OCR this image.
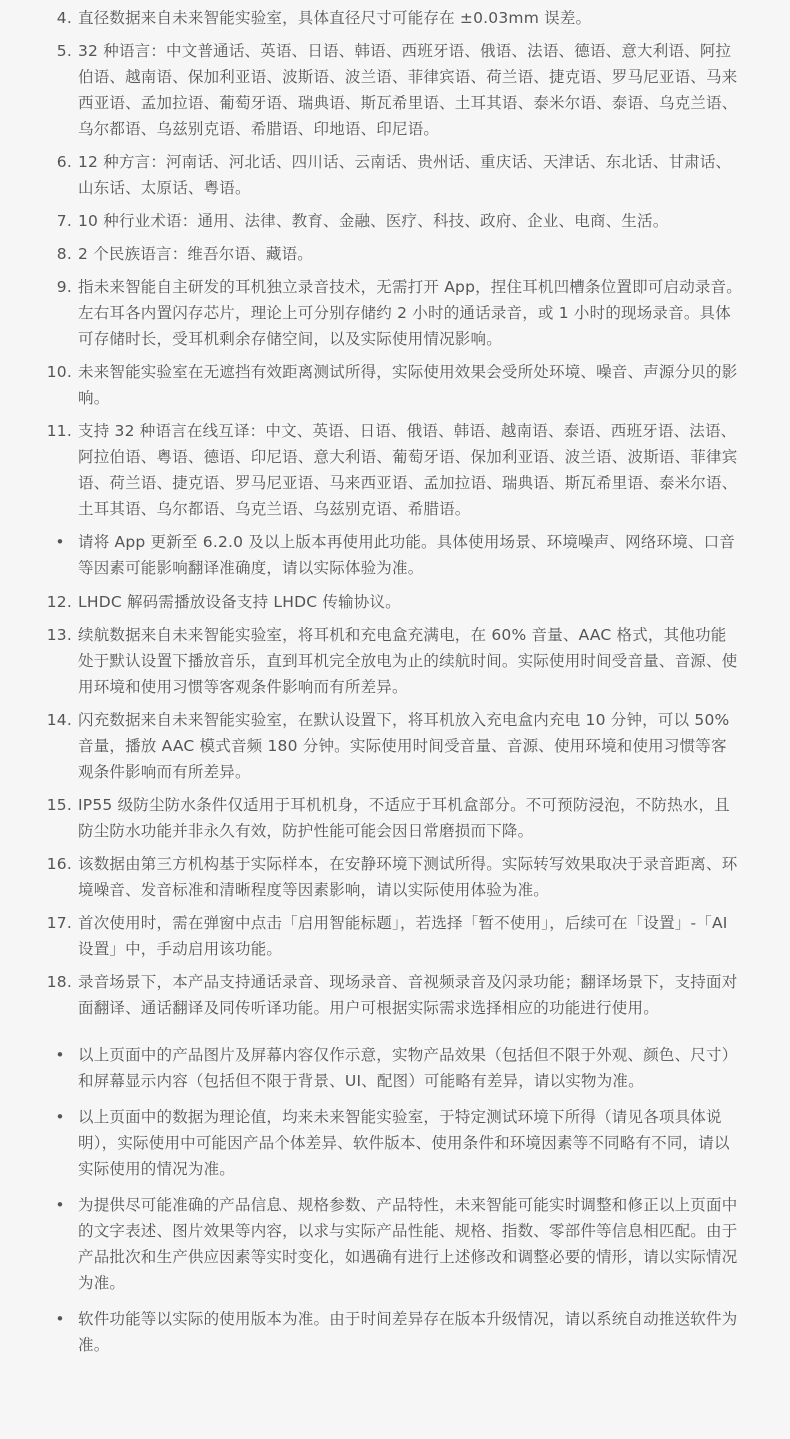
4. 直径数据来自未来智能实验室，具体直径尺寸可能存在 ±0.03mm 误差。
5. 32 种语言：中文普通话、英语、日语、韩语、西班牙语、俄语、法语、德语、意大利语、阿拉伯语、越南语、保加利亚语、波斯语、波兰语、菲律宾语、荷兰语、捷克语、罗马尼亚语、马来西亚语、孟加拉语、葡萄牙语、瑞典语、斯瓦希里语、土耳其语、泰米尔语、泰语、乌克兰语、乌尔都语、乌兹别克语、希腊语、印地语、印尼语。
6. 12 种方言：河南话、河北话、四川话、云南话、贵州话、重庆话、天津话、东北话、甘肃话、山东话、太原话、粤语。
7. 10 种行业术语：通用、法律、教育、金融、医疗、科技、政府、企业、电商、生活。
8. 2 个民族语言：维吾尔语、藏语。
9. 指未来智能自主研发的耳机独立录音技术，无需打开 App，捏住耳机凹槽条位置即可启动录音。左右耳各内置闪存芯片，理论上可分别存储约 2 小时的通话录音，或 1 小时的现场录音。具体可存储时长，受耳机剩余存储空间，以及实际使用情况影响。
10. 未来智能实验室在无遮挡有效距离测试所得，实际使用效果会受所处环境、噪音、声源分贝的影响。
11. 支持 32 种语言在线互译：中文、英语、日语、俄语、韩语、越南语、泰语、西班牙语、法语、阿拉伯语、粤语、德语、印尼语、意大利语、葡萄牙语、保加利亚语、波兰语、波斯语、菲律宾语、荷兰语、捷克语、罗马尼亚语、马来西亚语、孟加拉语、瑞典语、斯瓦希里语、泰米尔语、土耳其语、乌尔都语、乌克兰语、乌兹别克语、希腊语。
• 请将 App 更新至 6.2.0 及以上版本再使用此功能。具体使用场景、环境噪声、网络环境、口音等因素可能影响翻译准确度，请以实际体验为准。
12. LHDC 解码需播放设备支持 LHDC 传输协议。
13. 续航数据来自未来智能实验室，将耳机和充电盒充满电，在 60% 音量、AAC 格式，其他功能处于默认设置下播放音乐，直到耳机完全放电为止的续航时间。实际使用时间受音量、音源、使用环境和使用习惯等客观条件影响而有所差异。
14. 闪充数据来自未来智能实验室，在默认设置下，将耳机放入充电盒内充电 10 分钟，可以 50% 音量，播放 AAC 模式音频 180 分钟。实际使用时间受音量、音源、使用环境和使用习惯等客观条件影响而有所差异。
15. IP55 级防尘防水条件仅适用于耳机机身，不适应于耳机盒部分。不可预防浸泡，不防热水，且防尘防水功能并非永久有效，防护性能可能会因日常磨损而下降。
16. 该数据由第三方机构基于实际样本，在安静环境下测试所得。实际转写效果取决于录音距离、环境噪音、发音标准和清晰程度等因素影响，请以实际使用体验为准。
17. 首次使用时，需在弹窗中点击「启用智能标题」，若选择「暂不使用」，后续可在「设置」-「AI 设置」中，手动启用该功能。
18. 录音场景下，本产品支持通话录音、现场录音、音视频录音及闪录功能；翻译场景下，支持面对面翻译、通话翻译及同传听译功能。用户可根据实际需求选择相应的功能进行使用。
• 以上页面中的产品图片及屏幕内容仅作示意，实物产品效果（包括但不限于外观、颜色、尺寸）和屏幕显示内容（包括但不限于背景、UI、配图）可能略有差异，请以实物为准。
• 以上页面中的数据为理论值，均来未来智能实验室，于特定测试环境下所得（请见各项具体说明），实际使用中可能因产品个体差异、软件版本、使用条件和环境因素等不同略有不同，请以实际使用的情况为准。
• 为提供尽可能准确的产品信息、规格参数、产品特性，未来智能可能实时调整和修正以上页面中的文字表述、图片效果等内容，以求与实际产品性能、规格、指数、零部件等信息相匹配。由于产品批次和生产供应因素等实时变化，如遇确有进行上述修改和调整必要的情形，请以实际情况为准。
• 软件功能等以实际的使用版本为准。由于时间差异存在版本升级情况，请以系统自动推送软件为准。
